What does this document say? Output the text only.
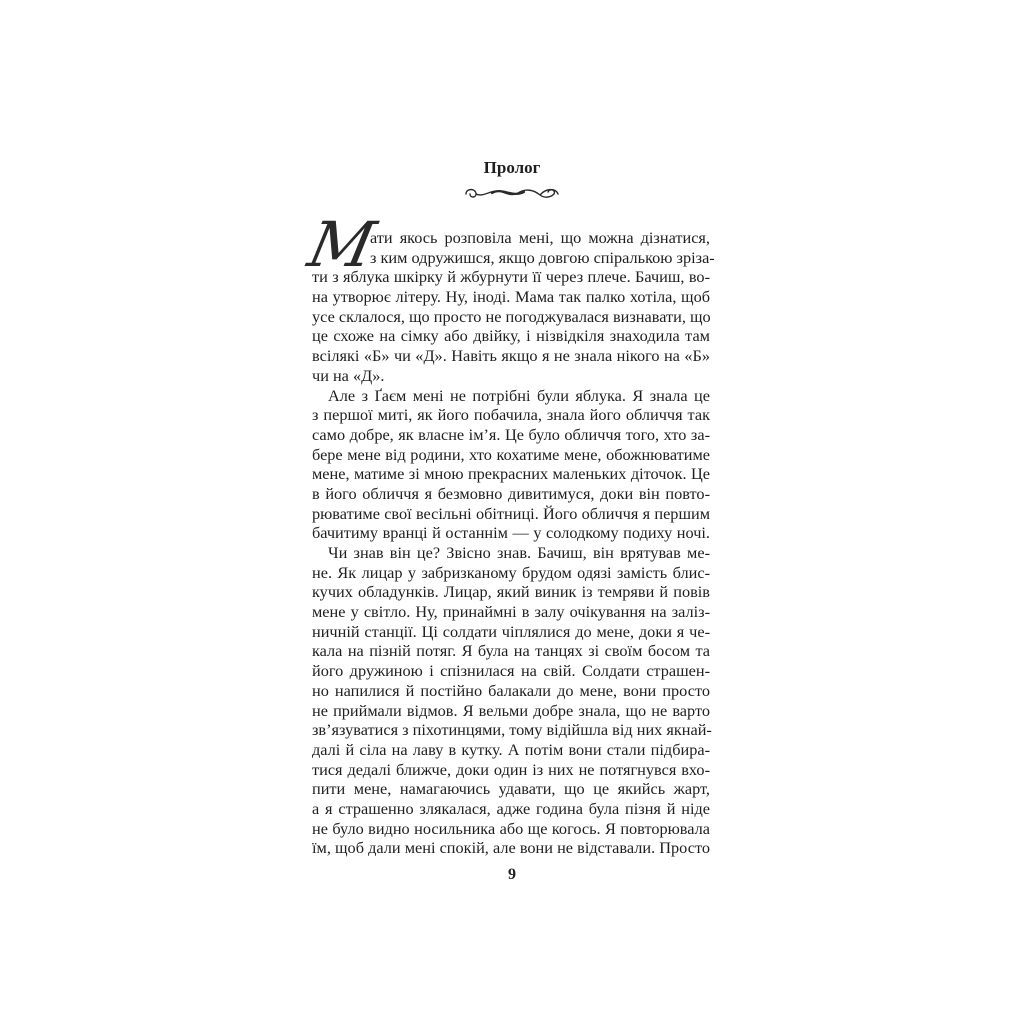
Пролог
М
ати якось розповіла мені, що можна дізнатися,
з ким одружишся, якщо довгою спіралькою зріза-
ти з яблука шкірку й жбурнути її через плече. Бачиш, во-
на утворює літеру. Ну, іноді. Мама так палко хотіла, щоб
усе склалося, що просто не погоджувалася визнавати, що
це схоже на сімку або двійку, і нізвідкіля знаходила там
всілякі «Б» чи «Д». Навіть якщо я не знала нікого на «Б»
чи на «Д».
Але з Ґаєм мені не потрібні були яблука. Я знала це
з першої миті, як його побачила, знала його обличчя так
само добре, як власне ім’я. Це було обличчя того, хто за-
бере мене від родини, хто кохатиме мене, обожнюватиме
мене, матиме зі мною прекрасних маленьких діточок. Це
в його обличчя я безмовно дивитимуся, доки він повто-
рюватиме свої весільні обітниці. Його обличчя я першим
бачитиму вранці й останнім — у солодкому подиху ночі.
Чи знав він це? Звісно знав. Бачиш, він врятував ме-
не. Як лицар у забризканому брудом одязі замість блис-
кучих обладунків. Лицар, який виник із темряви й повів
мене у світло. Ну, принаймні в залу очікування на заліз-
ничній станції. Ці солдати чіплялися до мене, доки я че-
кала на пізній потяг. Я була на танцях зі своїм босом та
його дружиною і спізнилася на свій. Солдати страшен-
но напилися й постійно балакали до мене, вони просто
не приймали відмов. Я вельми добре знала, що не варто
зв’язуватися з піхотинцями, тому відійшла від них якнай-
далі й сіла на лаву в кутку. А потім вони стали підбира-
тися дедалі ближче, доки один із них не потягнувся вхо-
пити мене, намагаючись удавати, що це якийсь жарт,
а я страшенно злякалася, адже година була пізня й ніде
не було видно носильника або ще когось. Я повторювала
їм, щоб дали мені спокій, але вони не відставали. Просто
9
